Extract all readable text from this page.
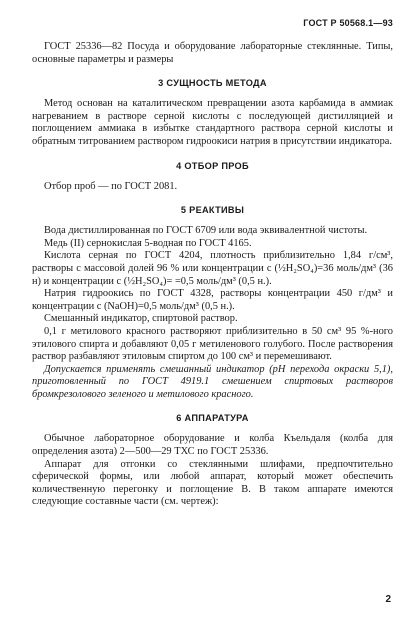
ГОСТ Р 50568.1—93

ГОСТ 25336—82 Посуда и оборудование лабораторные стеклянные. Типы, основные параметры и размеры

3 СУЩНОСТЬ МЕТОДА

Метод основан на каталитическом превращении азота карбамида в аммиак нагреванием в растворе серной кислоты с последующей дистилляцией и поглощением аммиака в избытке стандартного раствора серной кислоты и обратным титрованием раствором гидроокиси натрия в присутствии индикатора.

4 ОТБОР ПРОБ

Отбор проб — по ГОСТ 2081.

5 РЕАКТИВЫ

Вода дистиллированная по ГОСТ 6709 или вода эквивалентной чистоты.

Медь (II) сернокислая 5-водная по ГОСТ 4165.

Кислота серная по ГОСТ 4204, плотность приблизительно 1,84 г/см³, растворы с массовой долей 96 % или концентрации с (½H₂SO₄)=36 моль/дм³ (36 н) и концентрации с (½H₂SO₄)= =0,5 моль/дм³ (0,5 н.).

Натрия гидроокись по ГОСТ 4328, растворы концентрации 450 г/дм³ и концентрации с (NaOH)=0,5 моль/дм³ (0,5 н.).

Смешанный индикатор, спиртовой раствор.

0,1 г метилового красного растворяют приблизительно в 50 см³ 95 %-ного этилового спирта и добавляют 0,05 г метиленового голубого. После растворения раствор разбавляют этиловым спиртом до 100 см³ и перемешивают.

Допускается применять смешанный индикатор (рН перехода окраски 5,1), приготовленный по ГОСТ 4919.1 смешением спиртовых растворов бромкрезолового зеленого и метилового красного.

6 АППАРАТУРА

Обычное лабораторное оборудование и колба Къельдаля (колба для определения азота) 2—500—29 ТХС по ГОСТ 25336.

Аппарат для отгонки со стеклянными шлифами, предпочтительно сферической формы, или любой аппарат, который может обеспечить количественную перегонку и поглощение В. В таком аппарате имеются следующие составные части (см. чертеж):

2
